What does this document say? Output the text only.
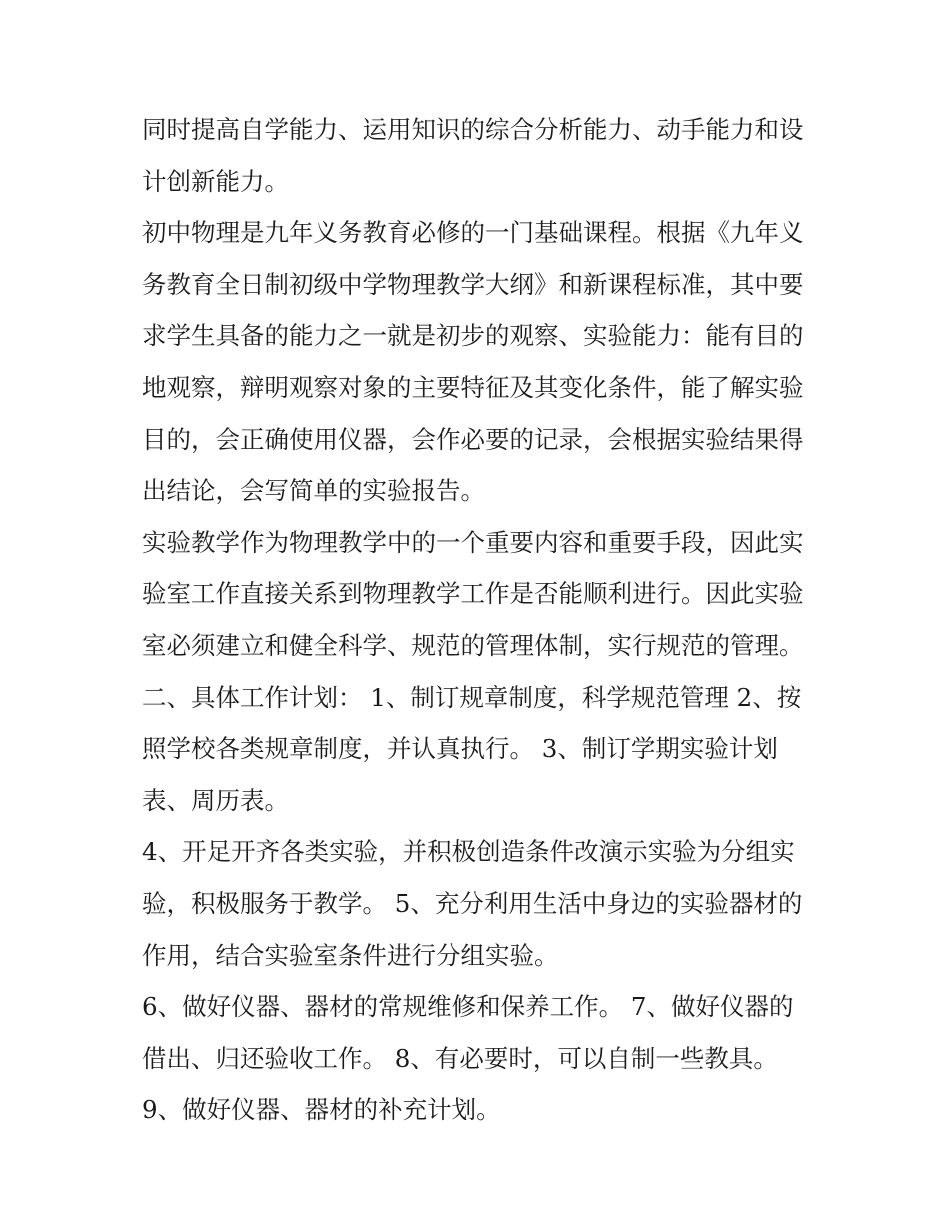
同时提高自学能力、运用知识的综合分析能力、动手能力和设
计创新能力。
初中物理是九年义务教育必修的一门基础课程。根据《九年义
务教育全日制初级中学物理教学大纲》和新课程标准，其中要
求学生具备的能力之一就是初步的观察、实验能力：能有目的
地观察，辩明观察对象的主要特征及其变化条件，能了解实验
目的，会正确使用仪器，会作必要的记录，会根据实验结果得
出结论，会写简单的实验报告。
实验教学作为物理教学中的一个重要内容和重要手段，因此实
验室工作直接关系到物理教学工作是否能顺利进行。因此实验
室必须建立和健全科学、规范的管理体制，实行规范的管理。
二、具体工作计划： 1、制订规章制度，科学规范管理 2、按
照学校各类规章制度，并认真执行。 3、制订学期实验计划
表、周历表。
4、开足开齐各类实验，并积极创造条件改演示实验为分组实
验，积极服务于教学。 5、充分利用生活中身边的实验器材的
作用，结合实验室条件进行分组实验。
6、做好仪器、器材的常规维修和保养工作。 7、做好仪器的
借出、归还验收工作。 8、有必要时，可以自制一些教具。
9、做好仪器、器材的补充计划。
